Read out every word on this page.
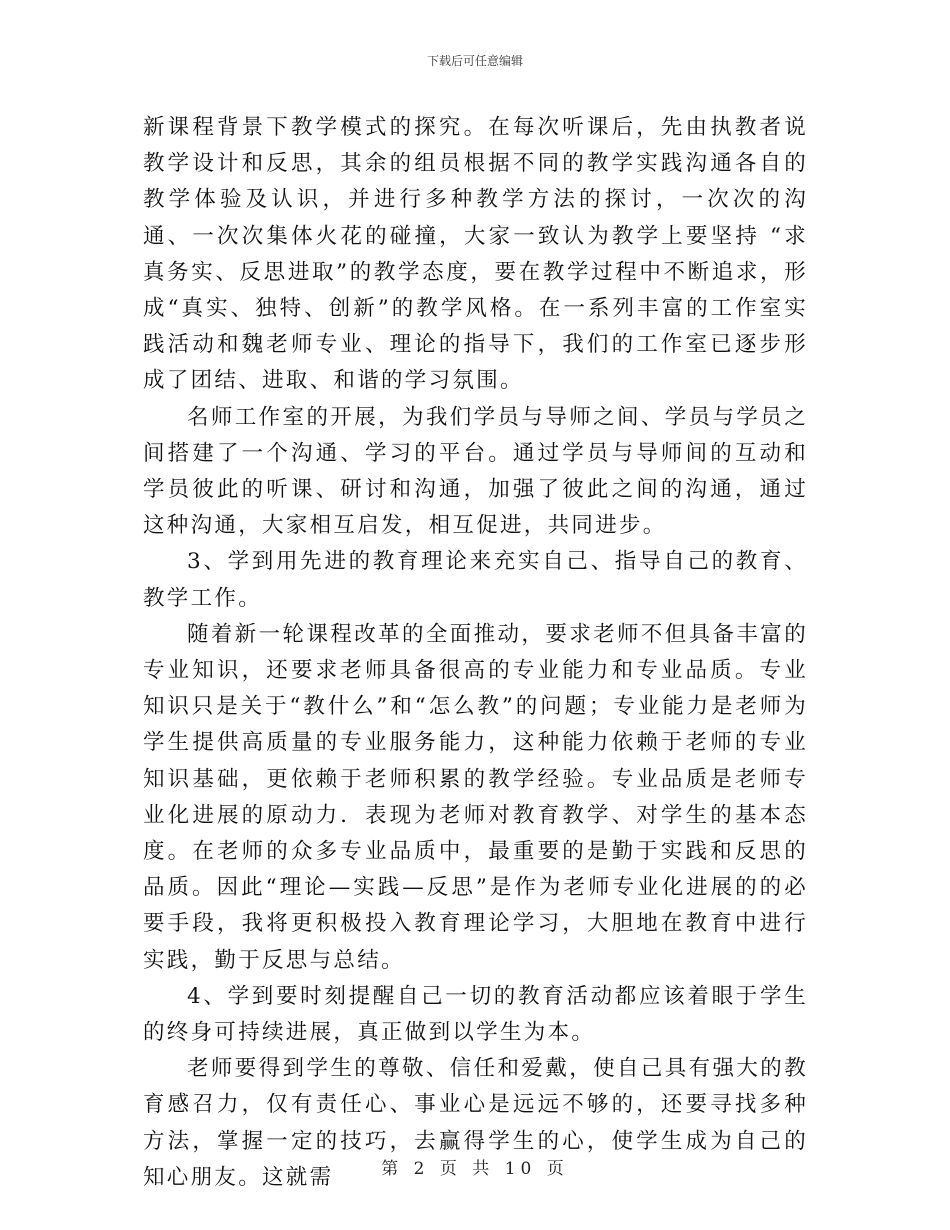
下载后可任意编辑

新课程背景下教学模式的探究。在每次听课后，先由执教者说教学设计和反思，其余的组员根据不同的教学实践沟通各自的教学体验及认识，并进行多种教学方法的探讨，一次次的沟通、一次次集体火花的碰撞，大家一致认为教学上要坚持 “求真务实、反思进取”的教学态度，要在教学过程中不断追求，形成“真实、独特、创新”的教学风格。在一系列丰富的工作室实践活动和魏老师专业、理论的指导下，我们的工作室已逐步形成了团结、进取、和谐的学习氛围。

名师工作室的开展，为我们学员与导师之间、学员与学员之间搭建了一个沟通、学习的平台。通过学员与导师间的互动和学员彼此的听课、研讨和沟通，加强了彼此之间的沟通，通过这种沟通，大家相互启发，相互促进，共同进步。

3、学到用先进的教育理论来充实自己、指导自己的教育、教学工作。

随着新一轮课程改革的全面推动，要求老师不但具备丰富的专业知识，还要求老师具备很高的专业能力和专业品质。专业知识只是关于“教什么”和“怎么教”的问题；专业能力是老师为学生提供高质量的专业服务能力，这种能力依赖于老师的专业知识基础，更依赖于老师积累的教学经验。专业品质是老师专业化进展的原动力．表现为老师对教育教学、对学生的基本态度。在老师的众多专业品质中，最重要的是勤于实践和反思的品质。因此“理论—实践—反思”是作为老师专业化进展的的必要手段，我将更积极投入教育理论学习，大胆地在教育中进行实践，勤于反思与总结。

4、学到要时刻提醒自己一切的教育活动都应该着眼于学生的终身可持续进展，真正做到以学生为本。

老师要得到学生的尊敬、信任和爱戴，使自己具有强大的教育感召力，仅有责任心、事业心是远远不够的，还要寻找多种方法，掌握一定的技巧，去赢得学生的心，使学生成为自己的知心朋友。这就需	第 2 页 共 10 页
